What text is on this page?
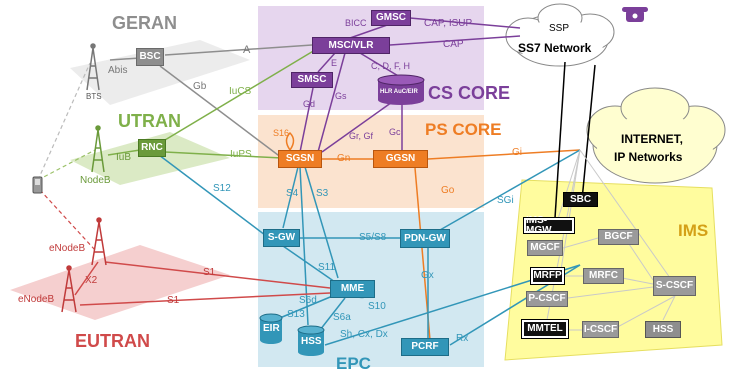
GERAN
UTRAN
EUTRAN
CS CORE
PS CORE
EPC
IMS
SSP
SS7 Network
INTERNET,
IP Networks
BTS
NodeB
eNodeB
eNodeB
BSC
RNC
GMSC
MSC/VLR
SMSC
HLR AuC/EIR
SGSN	GGSN
S-GW	PDN-GW
MME
EIR
HSS	PCRF
SBC
IMS-MGW
MGCF
BGCF
MRFP	MRFC
P-CSCF
S-CSCF
MMTEL	I-CSCF	HSS
Abis
A
Gb IuCS
IuB	IuPS
BICC	CAP, ISUP
CAP
E	C, D, F, H
Gd
Gs
Gr, Gf Gc
S16
Gn
Gi
Go
SGi
S12	S4 S3
S5/S8
S11
Gx
S1
S1
X2
S6d
S13
S10
S6a
Sh, Cx, Dx	Rx
